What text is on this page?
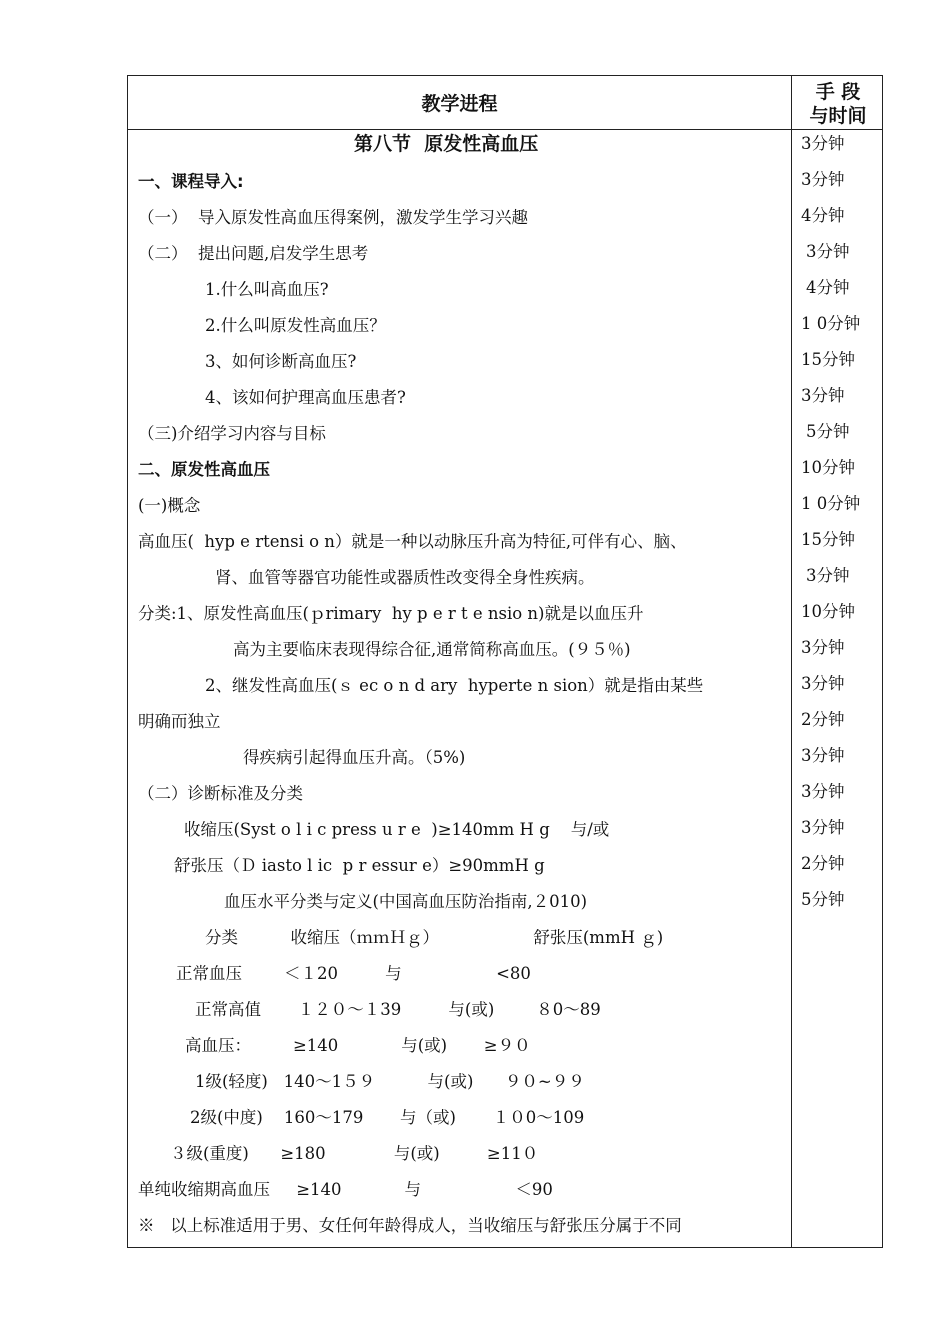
教学进程
手 段
与时间
第八节  原发性高血压
一、课程导入:
（一）  导入原发性高血压得案例，激发学生学习兴趣
（二）  提出问题,启发学生思考
1.什么叫高血压?
2.什么叫原发性高血压？
3、如何诊断高血压?
4、该如何护理高血压患者?
（三)介绍学习内容与目标
二、原发性高血压
(一)概念
高血压(  hyp e rtensi o n）就是一种以动脉压升高为特征,可伴有心、脑、
肾、血管等器官功能性或器质性改变得全身性疾病。
分类:1、原发性高血压(ｐrimary  hy p e r t e nsio n)就是以血压升
高为主要临床表现得综合征,通常简称高血压。(９５％)
2、继发性高血压(ｓ ec o n d ary  hyperte n sion）就是指由某些
明确而独立
得疾病引起得血压升高。（5%)
（二）诊断标准及分类
收缩压(Syst o l i c press u r e  )≥140mm H g    与/或
舒张压（Ｄ iasto l ic  p r essur e）≥90mmH g
血压水平分类与定义(中国高血压防治指南,２010)
分类          收缩压（ｍｍＨｇ）                  舒张压(mmH ｇ)
正常血压        ＜１20         与                  <80
正常高值       １２０～１39         与(或)        ８0～89
高血压：        ≥140            与(或)       ≥９０
1级(轻度)   140～1５９          与(或)      ９０~９９
2级(中度)    160～179       与（或)       １０0～109
３级(重度)      ≥180             与(或)         ≥11０
单纯收缩期高血压     ≥140            与                  ＜90
※   以上标准适用于男、女任何年龄得成人，当收缩压与舒张压分属于不同
3分钟
3分钟
4分钟
3分钟
4分钟
1 0分钟
15分钟
3分钟
5分钟
10分钟
1 0分钟
15分钟
3分钟
10分钟
3分钟
3分钟
2分钟
3分钟
3分钟
3分钟
2分钟
5分钟
